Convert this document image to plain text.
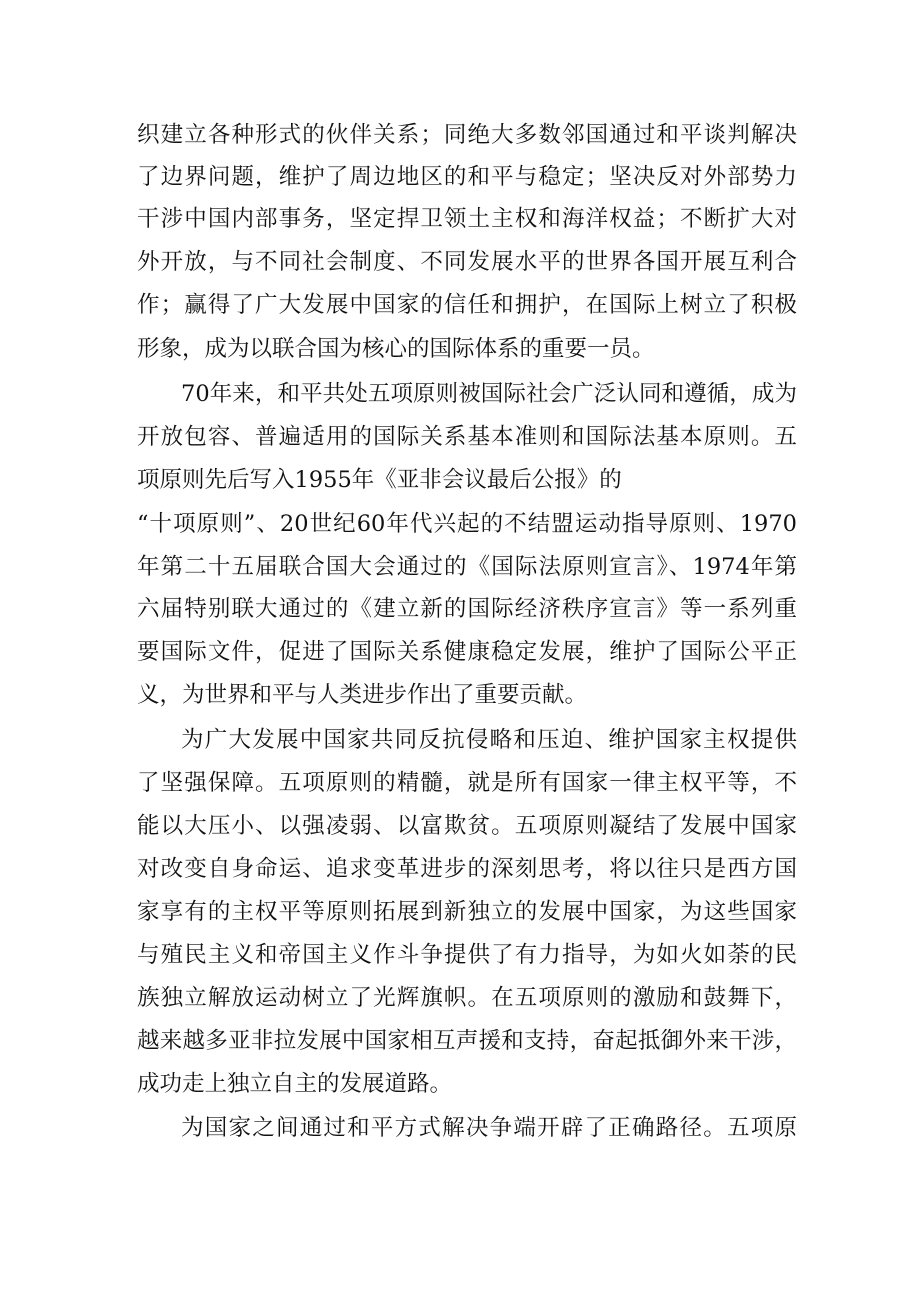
织建立各种形式的伙伴关系；同绝大多数邻国通过和平谈判解决
了边界问题，维护了周边地区的和平与稳定；坚决反对外部势力
干涉中国内部事务，坚定捍卫领土主权和海洋权益；不断扩大对
外开放，与不同社会制度、不同发展水平的世界各国开展互利合
作；赢得了广大发展中国家的信任和拥护，在国际上树立了积极
形象，成为以联合国为核心的国际体系的重要一员。
70年来，和平共处五项原则被国际社会广泛认同和遵循，成为
开放包容、普遍适用的国际关系基本准则和国际法基本原则。五
项原则先后写入1955年《亚非会议最后公报》的
“十项原则”、20世纪60年代兴起的不结盟运动指导原则、1970
年第二十五届联合国大会通过的《国际法原则宣言》、1974年第
六届特别联大通过的《建立新的国际经济秩序宣言》等一系列重
要国际文件，促进了国际关系健康稳定发展，维护了国际公平正
义，为世界和平与人类进步作出了重要贡献。
为广大发展中国家共同反抗侵略和压迫、维护国家主权提供
了坚强保障。五项原则的精髓，就是所有国家一律主权平等，不
能以大压小、以强凌弱、以富欺贫。五项原则凝结了发展中国家
对改变自身命运、追求变革进步的深刻思考，将以往只是西方国
家享有的主权平等原则拓展到新独立的发展中国家，为这些国家
与殖民主义和帝国主义作斗争提供了有力指导，为如火如荼的民
族独立解放运动树立了光辉旗帜。在五项原则的激励和鼓舞下，
越来越多亚非拉发展中国家相互声援和支持，奋起抵御外来干涉，
成功走上独立自主的发展道路。
为国家之间通过和平方式解决争端开辟了正确路径。五项原
